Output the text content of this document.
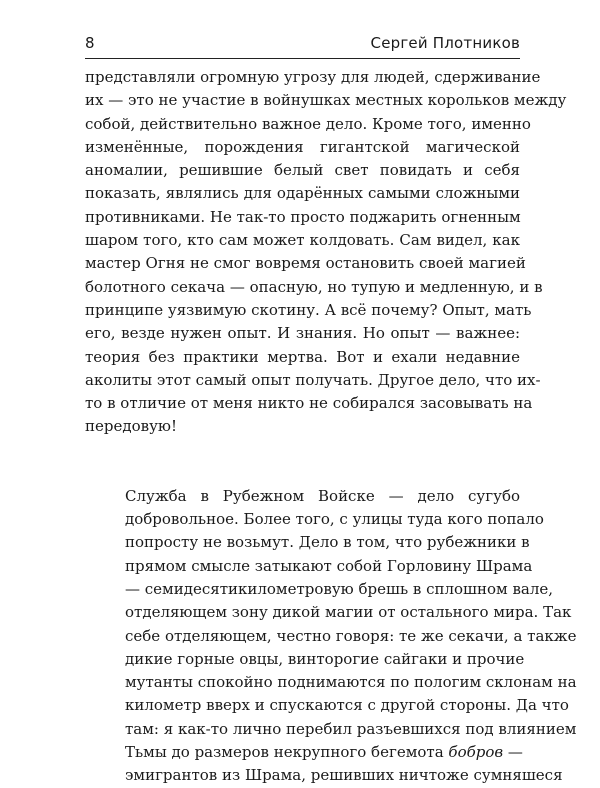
8	Сергей Плотников

представляли огромную угрозу для людей, сдерживание
их — это не участие в войнушках местных корольков между
собой, действительно важное дело. Кроме того, именно
изменённые, порождения гигантской магической
аномалии, решившие белый свет повидать и себя
показать, являлись для одарённых самыми сложными
противниками. Не так-то просто поджарить огненным
шаром того, кто сам может колдовать. Сам видел, как
мастер Огня не смог вовремя остановить своей магией
болотного секача — опасную, но тупую и медленную, и в
принципе уязвимую скотину. А всё почему? Опыт, мать
его, везде нужен опыт. И знания. Но опыт — важнее:
теория без практики мертва. Вот и ехали недавние
аколиты этот самый опыт получать. Другое дело, что их-
то в отличие от меня никто не собирался засовывать на
передовую!

Служба в Рубежном Войске — дело сугубо
добровольное. Более того, с улицы туда кого попало
попросту не возьмут. Дело в том, что рубежники в
прямом смысле затыкают собой Горловину Шрама
— семидесятикилометровую брешь в сплошном вале,
отделяющем зону дикой магии от остального мира. Так
себе отделяющем, честно говоря: те же секачи, а также
дикие горные овцы, винторогие сайгаки и прочие
мутанты спокойно поднимаются по пологим склонам на
километр вверх и спускаются с другой стороны. Да что
там: я как-то лично перебил разъевшихся под влиянием
Тьмы до размеров некрупного бегемота бобров —
эмигрантов из Шрама, решивших ничтоже сумняшеся
